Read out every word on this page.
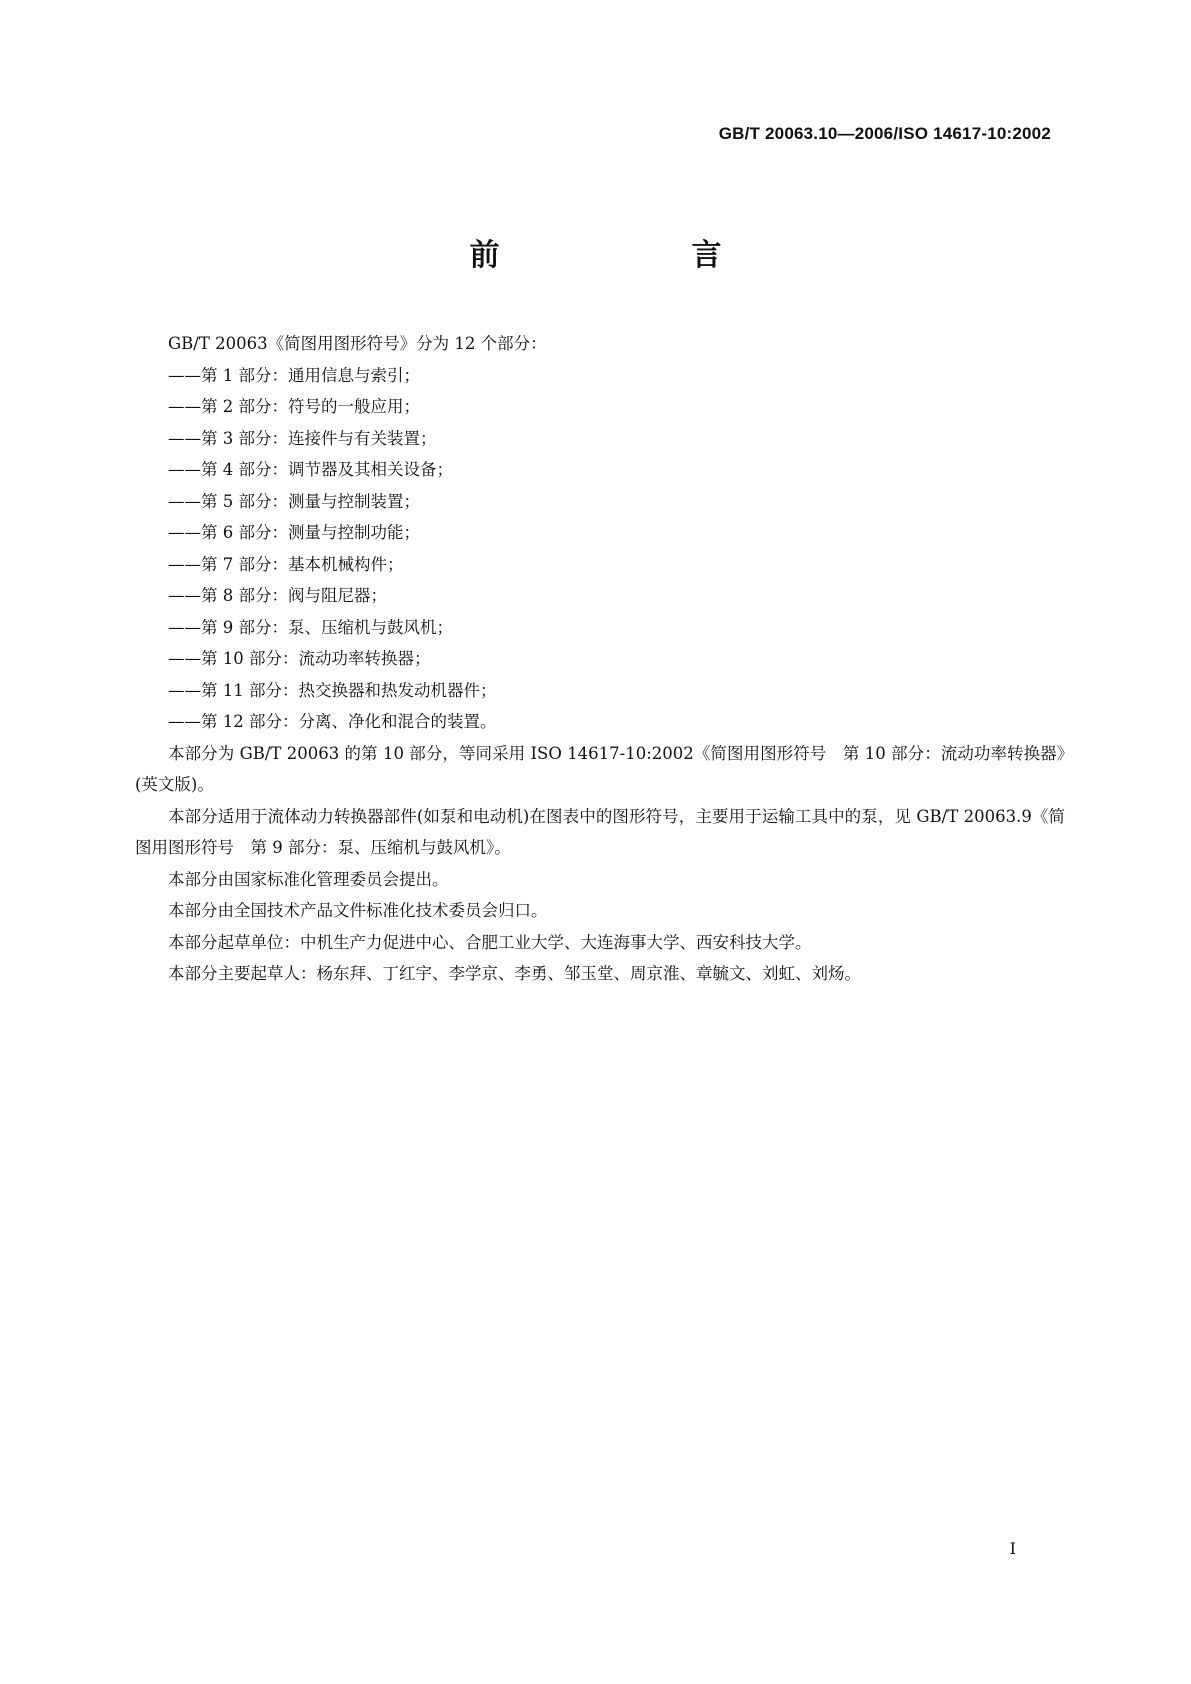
GB/T 20063.10—2006/ISO 14617-10:2002
前　　言

GB/T 20063《简图用图形符号》分为 12 个部分：

——第 1 部分：通用信息与索引；

——第 2 部分：符号的一般应用；

——第 3 部分：连接件与有关装置；

——第 4 部分：调节器及其相关设备；

——第 5 部分：测量与控制装置；

——第 6 部分：测量与控制功能；

——第 7 部分：基本机械构件；

——第 8 部分：阀与阻尼器；

——第 9 部分：泵、压缩机与鼓风机；

——第 10 部分：流动功率转换器；

——第 11 部分：热交换器和热发动机器件；

——第 12 部分：分离、净化和混合的装置。

本部分为 GB/T 20063 的第 10 部分，等同采用 ISO 14617-10:2002《简图用图形符号　第 10 部分：流动功率转换器》(英文版)。

本部分适用于流体动力转换器部件(如泵和电动机)在图表中的图形符号，主要用于运输工具中的泵，见 GB/T 20063.9《简图用图形符号　第 9 部分：泵、压缩机与鼓风机》。

本部分由国家标准化管理委员会提出。

本部分由全国技术产品文件标准化技术委员会归口。

本部分起草单位：中机生产力促进中心、合肥工业大学、大连海事大学、西安科技大学。

本部分主要起草人：杨东拜、丁红宇、李学京、李勇、邹玉堂、周京淮、章毓文、刘虹、刘炀。

I
